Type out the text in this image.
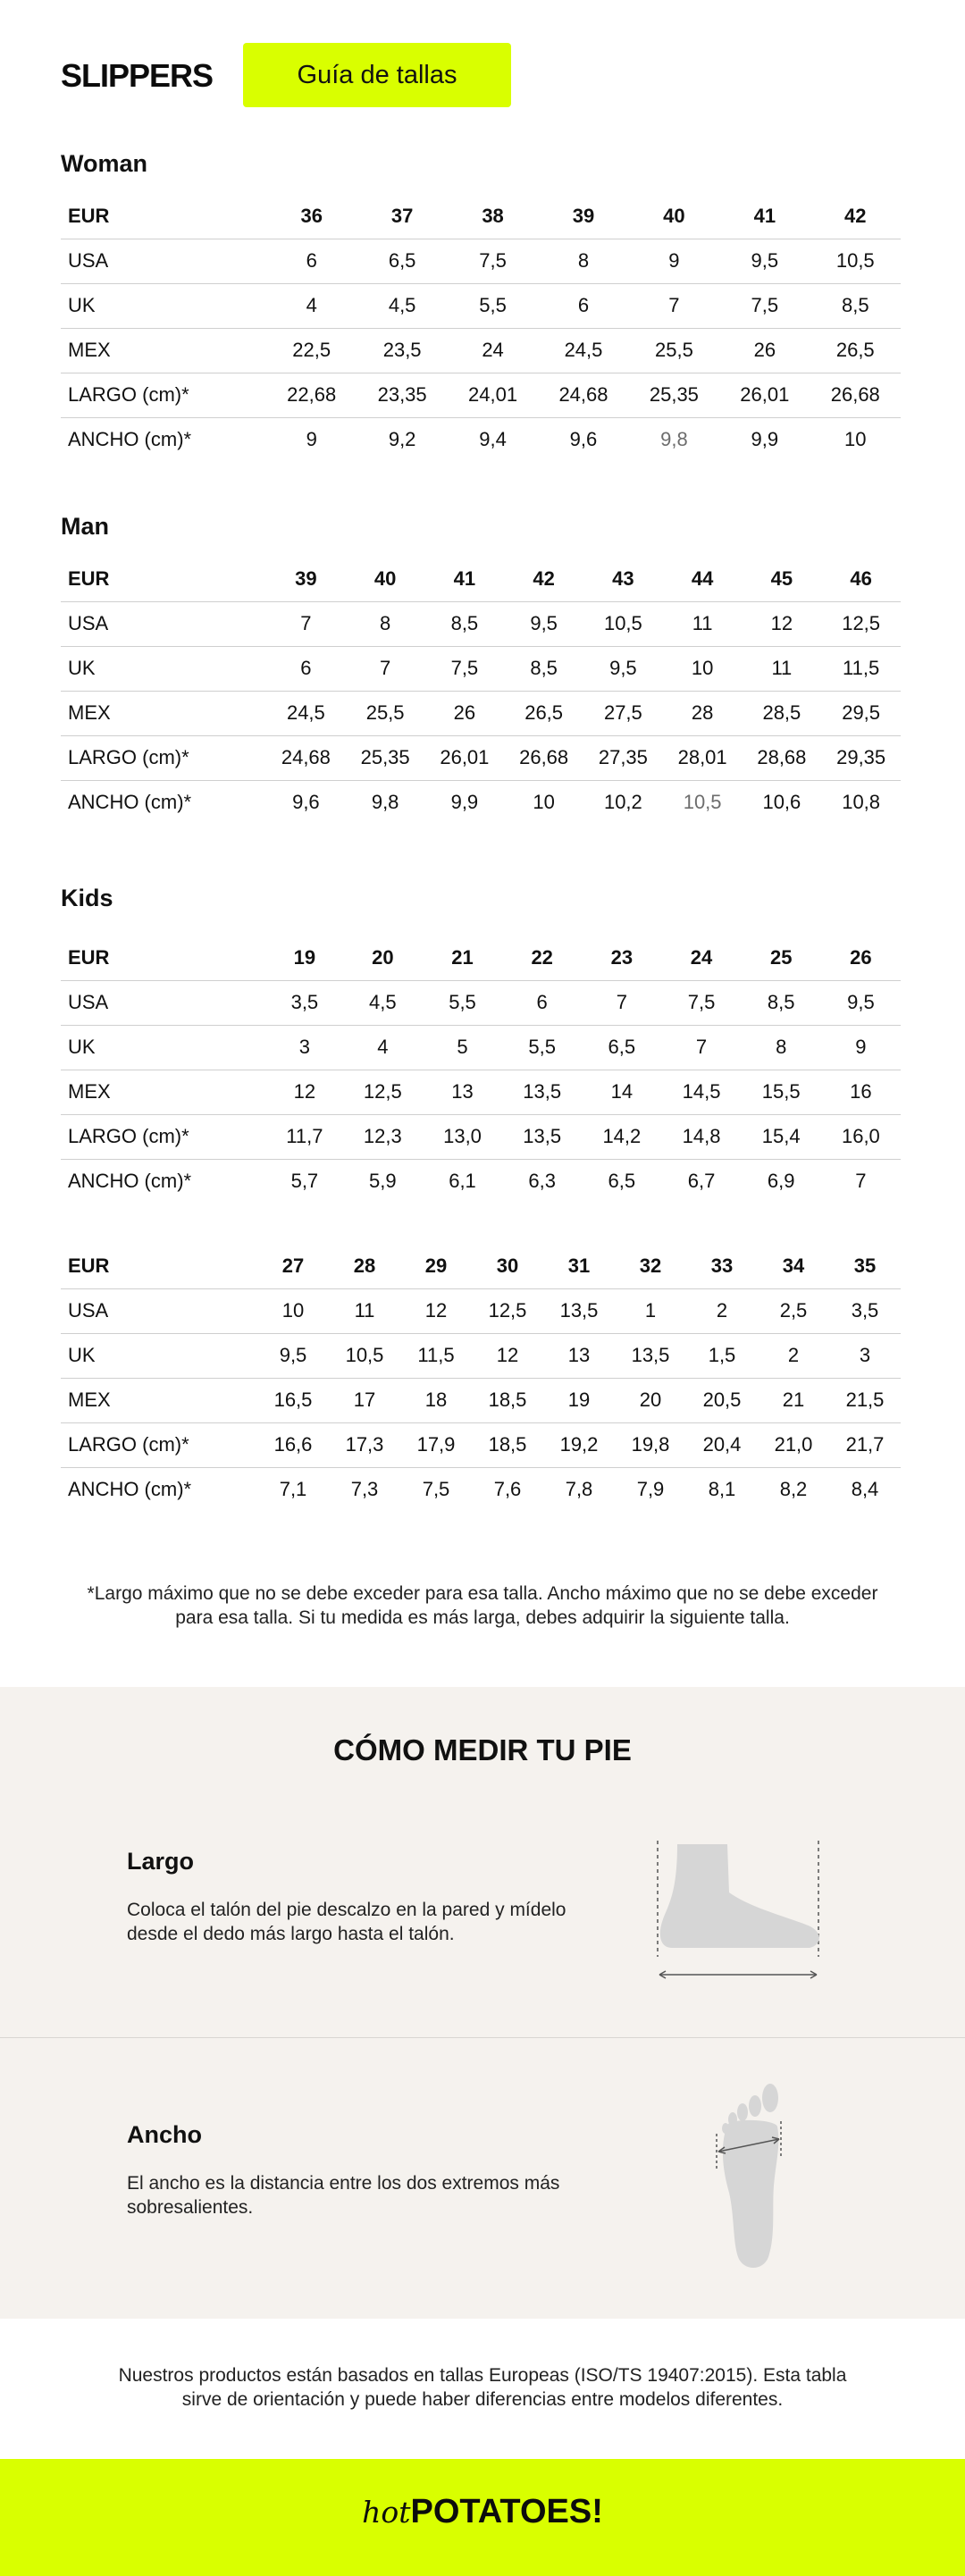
SLIPPERS	Guía de tallas
Woman
EUR	36	37	38	39	40	41	42
USA	6	6,5	7,5	8	9	9,5	10,5
UK	4	4,5	5,5	6	7	7,5	8,5
MEX	22,5	23,5	24	24,5	25,5	26	26,5
LARGO (cm)*	22,68	23,35	24,01	24,68	25,35	26,01	26,68
ANCHO (cm)*	9	9,2	9,4	9,6	9,8	9,9	10
Man
EUR	39	40	41	42	43	44	45	46
USA	7	8	8,5	9,5	10,5	11	12	12,5
UK	6	7	7,5	8,5	9,5	10	11	11,5
MEX	24,5	25,5	26	26,5	27,5	28	28,5	29,5
LARGO (cm)*	24,68	25,35	26,01	26,68	27,35	28,01	28,68	29,35
ANCHO (cm)*	9,6	9,8	9,9	10	10,2	10,5	10,6	10,8
Kids
EUR	19	20	21	22	23	24	25	26
USA	3,5	4,5	5,5	6	7	7,5	8,5	9,5
UK	3	4	5	5,5	6,5	7	8	9
MEX	12	12,5	13	13,5	14	14,5	15,5	16
LARGO (cm)*	11,7	12,3	13,0	13,5	14,2	14,8	15,4	16,0
ANCHO (cm)*	5,7	5,9	6,1	6,3	6,5	6,7	6,9	7
EUR	27	28	29	30	31	32	33	34	35
USA	10	11	12	12,5	13,5	1	2	2,5	3,5
UK	9,5	10,5	11,5	12	13	13,5	1,5	2	3
MEX	16,5	17	18	18,5	19	20	20,5	21	21,5
LARGO (cm)*	16,6	17,3	17,9	18,5	19,2	19,8	20,4	21,0	21,7
ANCHO (cm)*	7,1	7,3	7,5	7,6	7,8	7,9	8,1	8,2	8,4
*Largo máximo que no se debe exceder para esa talla. Ancho máximo que no se debe exceder para esa talla. Si tu medida es más larga, debes adquirir la siguiente talla.
CÓMO MEDIR TU PIE
Largo
Coloca el talón del pie descalzo en la pared y mídelo desde el dedo más largo hasta el talón.
Ancho
El ancho es la distancia entre los dos extremos más sobresalientes.
Nuestros productos están basados en tallas Europeas (ISO/TS 19407:2015). Esta tabla sirve de orientación y puede haber diferencias entre modelos diferentes.
hotPOTATOES!
